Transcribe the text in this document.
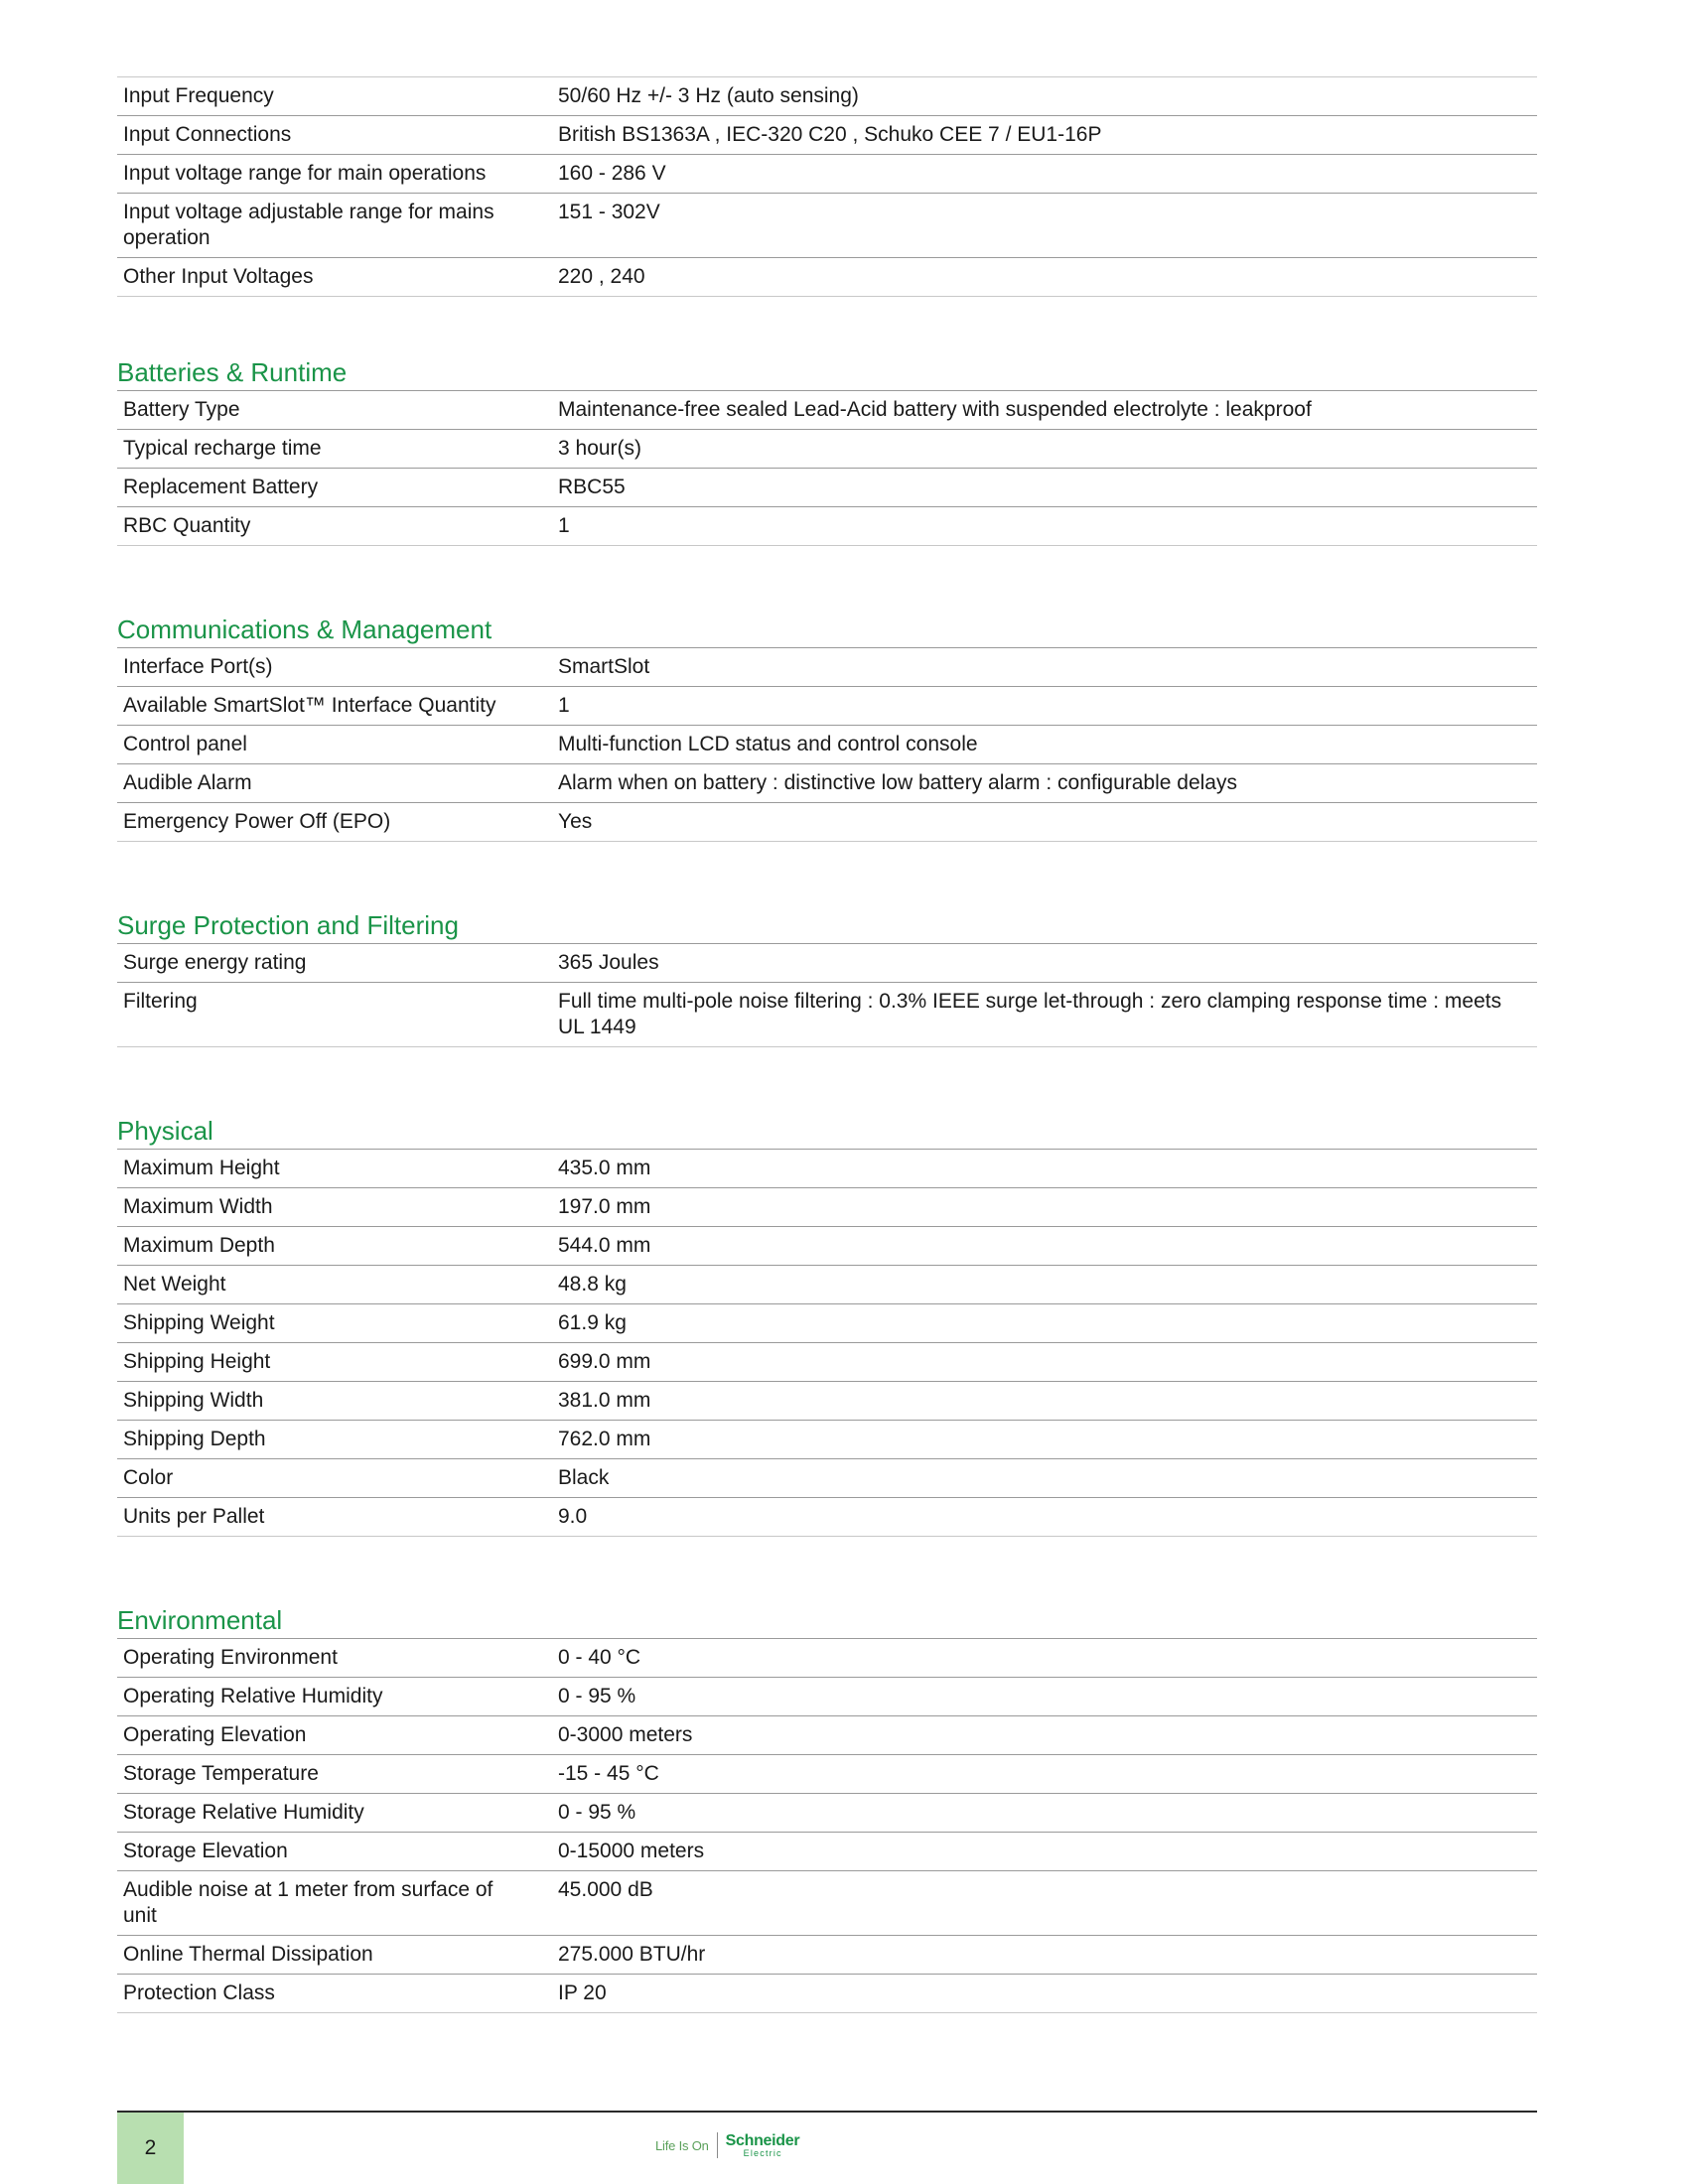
Input Frequency	50/60 Hz +/- 3 Hz (auto sensing)
Input Connections	British BS1363A , IEC-320 C20 , Schuko CEE 7 / EU1-16P
Input voltage range for main operations	160 - 286 V
Input voltage adjustable range for mains operation	151 - 302V
Other Input Voltages	220 , 240
Batteries & Runtime
Battery Type	Maintenance-free sealed Lead-Acid battery with suspended electrolyte : leakproof
Typical recharge time	3 hour(s)
Replacement Battery	RBC55
RBC Quantity	1
Communications & Management
Interface Port(s)	SmartSlot
Available SmartSlot™ Interface Quantity	1
Control panel	Multi-function LCD status and control console
Audible Alarm	Alarm when on battery : distinctive low battery alarm : configurable delays
Emergency Power Off (EPO)	Yes
Surge Protection and Filtering
Surge energy rating	365 Joules
Filtering	Full time multi-pole noise filtering : 0.3% IEEE surge let-through : zero clamping response time : meets UL 1449
Physical
Maximum Height	435.0 mm
Maximum Width	197.0 mm
Maximum Depth	544.0 mm
Net Weight	48.8 kg
Shipping Weight	61.9 kg
Shipping Height	699.0 mm
Shipping Width	381.0 mm
Shipping Depth	762.0 mm
Color	Black
Units per Pallet	9.0
Environmental
Operating Environment	0 - 40 °C
Operating Relative Humidity	0 - 95 %
Operating Elevation	0-3000 meters
Storage Temperature	-15 - 45 °C
Storage Relative Humidity	0 - 95 %
Storage Elevation	0-15000 meters
Audible noise at 1 meter from surface of unit	45.000 dB
Online Thermal Dissipation	275.000 BTU/hr
Protection Class	IP 20
2	Life Is On Schneider
Electric
